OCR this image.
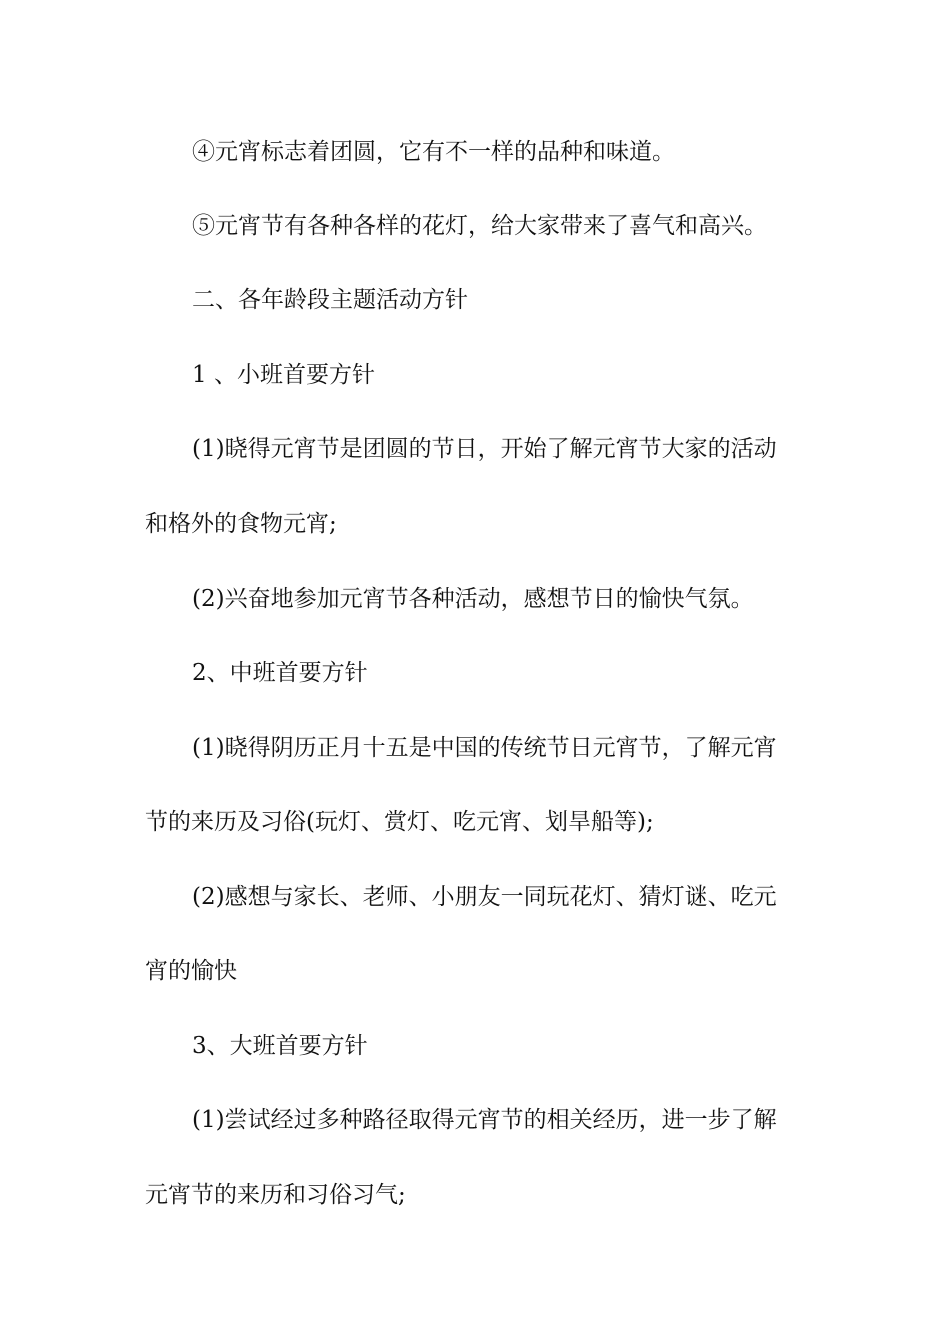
④元宵标志着团圆，它有不一样的品种和味道。
⑤元宵节有各种各样的花灯，给大家带来了喜气和高兴。
二、各年龄段主题活动方针
1 、小班首要方针
(1)晓得元宵节是团圆的节日，开始了解元宵节大家的活动
和格外的食物元宵;
(2)兴奋地参加元宵节各种活动，感想节日的愉快气氛。
2、中班首要方针
(1)晓得阴历正月十五是中国的传统节日元宵节，了解元宵
节的来历及习俗(玩灯、赏灯、吃元宵、划旱船等);
(2)感想与家长、老师、小朋友一同玩花灯、猜灯谜、吃元
宵的愉快
3、大班首要方针
(1)尝试经过多种路径取得元宵节的相关经历，进一步了解
元宵节的来历和习俗习气;
